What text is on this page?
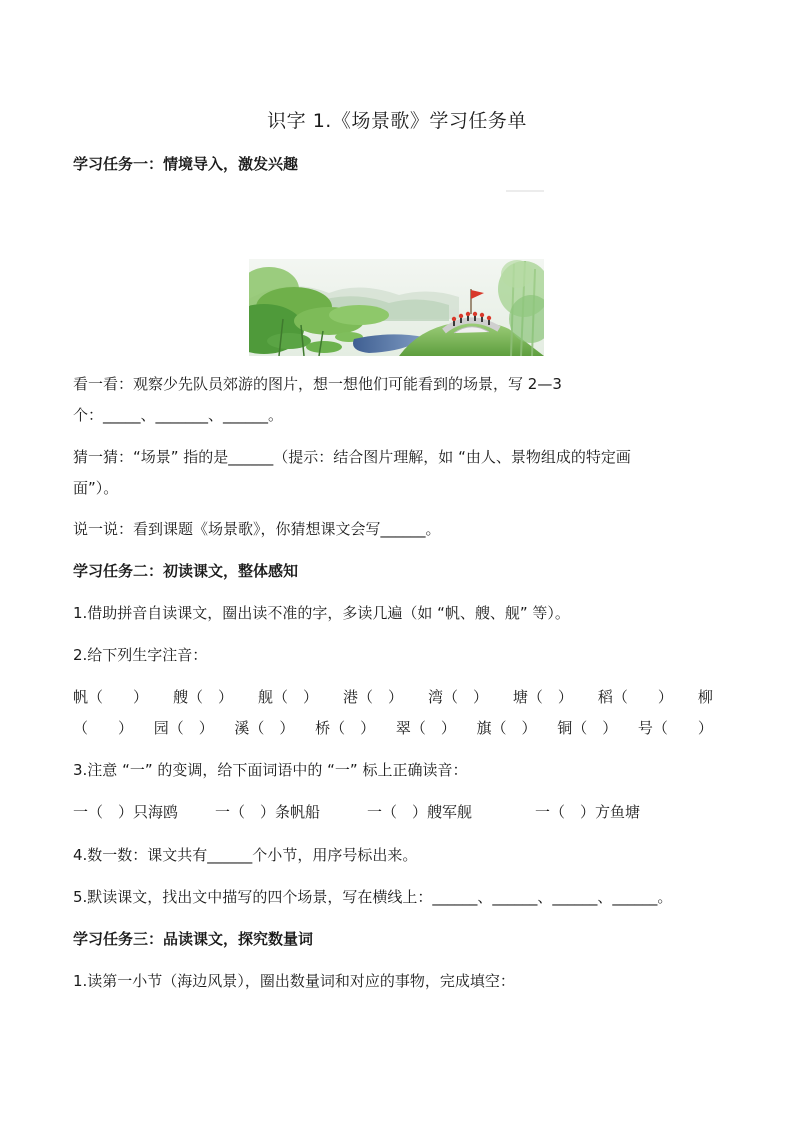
识字 1.《场景歌》学习任务单
学习任务一：情境导入，激发兴趣
看一看：观察少先队员郊游的图片，想一想他们可能看到的场景，写 2—3
个：_____、_______、______。
猜一猜：“场景” 指的是______（提示：结合图片理解，如 “由人、景物组成的特定画
面”）。
说一说：看到课题《场景歌》，你猜想课文会写______。
学习任务二：初读课文，整体感知
1.借助拼音自读课文，圈出读不准的字，多读几遍（如 “帆、艘、舰” 等）。
2.给下列生字注音：
帆（　　） 艘（　） 舰（　） 港（　） 湾（　） 塘（　） 稻（　　） 柳
（　　） 园（　） 溪（　） 桥（　） 翠（　） 旗（　） 铜（　） 号（　　）
3.注意 “一” 的变调，给下面词语中的 “一” 标上正确读音：
一（　）只海鸥 一（　）条帆船	一（　）艘军舰	一（　）方鱼塘
4.数一数：课文共有______个小节，用序号标出来。
5.默读课文，找出文中描写的四个场景，写在横线上：______、______、______、______。
学习任务三：品读课文，探究数量词
1.读第一小节（海边风景），圈出数量词和对应的事物，完成填空：
